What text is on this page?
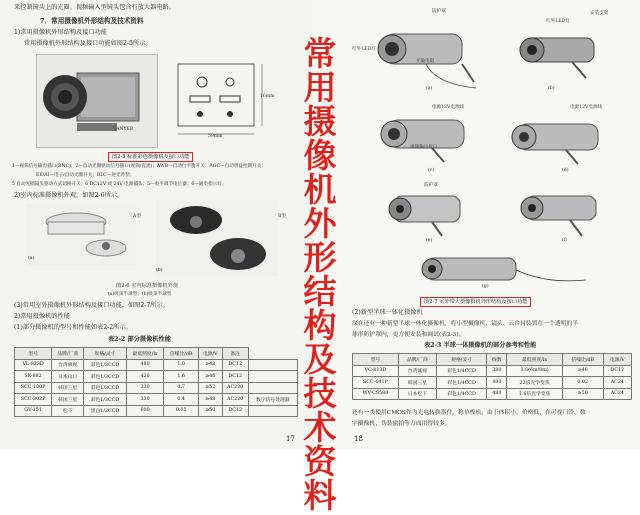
来控制镜头上的光圈。视频输入型镜头包含有放大器电路。
7．常用摄像机外形结构及技术资料
1)常用摄像机外形结构及接口功能
常用摄像机外形结构及接口功能如图2-5所示。
SANYER
59mm
16mm
图2-5 标准彩色摄像机及接口功能
1—视频信号输出插口(BNC)；2—自动光圈驱动信号插口(视频/直流)；AWB—自动白平衡开关；AGC—自动增益控制开关；
EE/AI—电子/自动光圈开关；BLC—逆光补偿；
5 自动光圈镜头驱动方式切换开关；6 DC12V 或 24V 电源插头；5—电平调节电位器；6—通电指示灯。
2)室内标准摄像机外观，如图2-6所示。
(a)
A型
(b)
B型
图2-6 室内标准摄像机外观
(a)吸顶半球型；(b)吸顶半球型
(3)常用室外摄像机外形结构及接口功能，如图2-7所示。
2)常用摄像机的性能
(1)部分摄像机的型号和性能如表2-2所示。
表2-2 部分摄像机性能
型号	品牌/厂商	规格/灵寸	最低照度/lx	信噪比/dB	电源/V	备注	
VL-823D	台湾旗视	彩色1/3CCD	480	1.0	≥48	DC12	
SK-882	日本山口	彩色1/3CCD	420	1.6	≥46	DC12	
SCC-100P	韩国三星	彩色1/3CCD	330	0.7	≥52	AC220	
SCC-302P	韩国三星	彩色1/3CCD	330	0.4	≥48	AC220	数字信号处理器
GV-151	松下	黑白1/2CCD	600	0.05	≥50	DC12	
17
(a)
防护罩
红外LED灯
光敏电阻
(b)
红外LED灯
安装支架
(c)
电源12V电源线
视频输出接口
(d)
电源12V电源线
(e)
防护罩
(f)
(g)
图2-7 室外带大摄像摄机外形结构及接口功能
(2)新型半球一体化摄像机
深在还有一种新型半球一体化摄像机，将小型摄像机、镜头、云台封装置在一个透明的半
球形防护罩内，更方便安装和调试(表2-3)。
表2-3 半球一体摄像机的部分参考和性能
型号	品牌/厂商	规格/灵寸	线数	最低照度/lx	信噪比/dB	电源/V
VC-813D	台湾诚视	彩色1/4CCD	380	3.6(6m/8m)	≥48	DC12
SCC-641P	韩国三星	彩色1/4CCD	480	22倍光学变焦	0.02	AC24
WV-CS580	日本松下	彩色1/4CCD	480	1.6倍光学变焦	≥50	AC24
还有一类使用CMOS作为光电转换器件，称单板机，由于体积小、价格低，在可视门铃、数
字摄像机，伪装偷拍等方面用得较多。
18
常用摄像机外形结构及技术资料
